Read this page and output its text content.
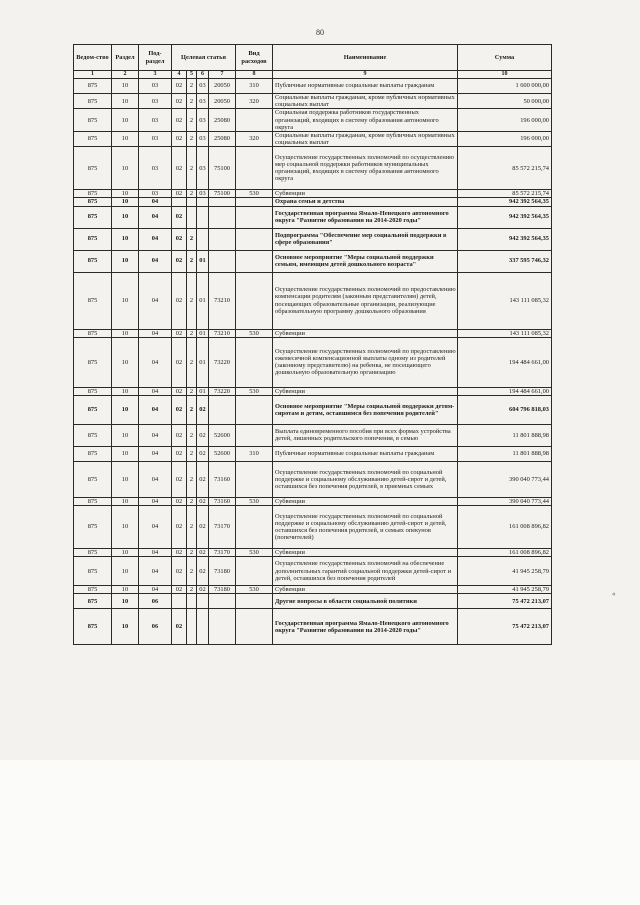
80
Ведом-ство	Раздел	Под-раздел	Целевая статья				Вид расходов	Наименование	Сумма
1	2	3	4	5	6	7	8	9	10
875	10	03	02	2	03	20050	310	Публичные нормативные социальные выплаты гражданам	1 600 000,00
875	10	03	02	2	03	20050	320	Социальные выплаты гражданам, кроме публичных нормативных социальных выплат	50 000,00
875	10	03	02	2	03	25080		Социальная поддержка работников государственных организаций, входящих в систему образования автономного округа	196 000,00
875	10	03	02	2	03	25080	320	Социальные выплаты гражданам, кроме публичных нормативных социальных выплат	196 000,00
875	10	03	02	2	03	75100		Осуществление государственных полномочий по осуществлению мер социальной поддержки работников муниципальных организаций, входящих в систему образования автономного округа	85 572 215,74
875	10	03	02	2	03	75100	530	Субвенции	85 572 215,74
875	10	04						Охрана семьи и детства	942 392 564,35
875	10	04	02					Государственная программа Ямало-Ненецкого автономного округа "Развитие образования на 2014-2020 годы"	942 392 564,35
875	10	04	02	2				Подпрограмма "Обеспечение мер социальной поддержки в сфере образования"	942 392 564,35
875	10	04	02	2	01			Основное мероприятие "Меры социальной поддержки семьям, имеющим детей дошкольного возраста"	337 595 746,32
875	10	04	02	2	01	73210		Осуществление государственных полномочий по предоставлению компенсации родителям (законным представителям) детей, посещающих образовательные организации, реализующие образовательную программу дошкольного образования	143 111 085,32
875	10	04	02	2	01	73210	530	Субвенции	143 111 085,32
875	10	04	02	2	01	73220		Осуществление государственных полномочий по предоставлению ежемесячной компенсационной выплаты одному из родителей (законному представителю) на ребенка, не посещающего дошкольную образовательную организацию	194 484 661,00
875	10	04	02	2	01	73220	530	Субвенции	194 484 661,00
875	10	04	02	2	02			Основное мероприятие "Меры социальной поддержки детям-сиротам и детям, оставшимся без попечения родителей"	604 796 818,03
875	10	04	02	2	02	52600		Выплата единовременного пособия при всех формах устройства детей, лишенных родительского попечения, в семью	11 801 888,98
875	10	04	02	2	02	52600	310	Публичные нормативные социальные выплаты гражданам	11 801 888,98
875	10	04	02	2	02	73160		Осуществление государственных полномочий по социальной поддержке и социальному обслуживанию детей-сирот и детей, оставшихся без попечения родителей, в приемных семьях	390 040 773,44
875	10	04	02	2	02	73160	530	Субвенции	390 040 773,44
875	10	04	02	2	02	73170		Осуществление государственных полномочий по социальной поддержке и социальному обслуживанию детей-сирот и детей, оставшихся без попечения родителей, и семьях опекунов (попечителей)	161 008 896,82
875	10	04	02	2	02	73170	530	Субвенции	161 008 896,82
875	10	04	02	2	02	73180		Осуществление государственных полномочий на обеспечение дополнительных гарантий социальной поддержки детей-сирот и детей, оставшихся без попечения родителей	41 945 258,79
875	10	04	02	2	02	73180	530	Субвенции	41 945 258,79
875	10	06						Другие вопросы в области социальной политики	75 472 213,07
875	10	06	02					Государственная программа Ямало-Ненецкого автономного округа "Развитие образования на 2014-2020 годы"	75 472 213,07
«
